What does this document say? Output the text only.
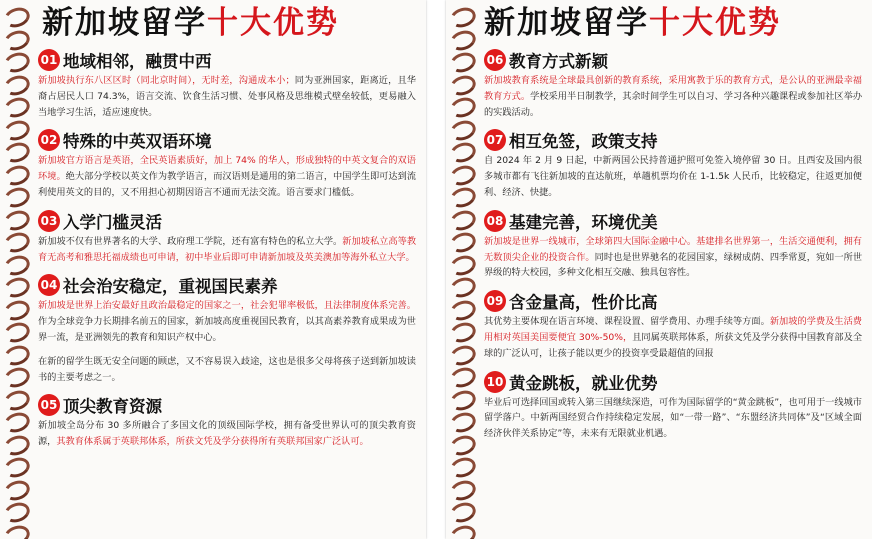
新加坡留学十大优势
01 地域相邻，融贯中西

新加坡执行东八区区时（同北京时间），无时差，沟通成本小；同为亚洲国家，距离近，且华裔占居民人口 74.3%，语言交流、饮食生活习惯、处事风格及思维模式壁垒较低，更易融入当地学习生活，适应速度快。

02 特殊的中英双语环境

新加坡官方语言是英语，全民英语素质好，加上 74% 的华人，形成独特的中英文复合的双语环境。绝大部分学校以英文作为教学语言，而汉语则是通用的第二语言，中国学生即可达到流利使用英文的目的，又不用担心初期因语言不通而无法交流。语言要求门槛低。

03 入学门槛灵活

新加坡不仅有世界著名的大学、政府理工学院，还有富有特色的私立大学。新加坡私立高等教育无高考和雅思托福成绩也可申请，初中毕业后即可申请新加坡及英美澳加等海外私立大学。

04 社会治安稳定，重视国民素养

新加坡是世界上治安最好且政治最稳定的国家之一，社会犯罪率极低，且法律制度体系完善。作为全球竞争力长期排名前五的国家，新加坡高度重视国民教育，以其高素养教育成果成为世界一流，是亚洲领先的教育和知识产权中心。

在新的留学生既无安全问题的顾虑，又不容易误入歧途，这也是很多父母将孩子送到新加坡读书的主要考虑之一。

05 顶尖教育资源

新加坡全岛分布 30 多所融合了多国文化的顶级国际学校，拥有备受世界认可的顶尖教育资源，其教育体系属于英联邦体系，所获文凭及学分获得所有英联邦国家广泛认可。

新加坡留学十大优势
06 教育方式新颖

新加坡教育系统是全球最具创新的教育系统，采用寓教于乐的教育方式，是公认的亚洲最幸福教育方式。学校采用半日制教学，其余时间学生可以自习、学习各种兴趣课程或参加社区举办的实践活动。

07 相互免签，政策支持

自 2024 年 2 月 9 日起，中新两国公民持普通护照可免签入境停留 30 日。且西安及国内很多城市都有飞往新加坡的直达航班，单趟机票均价在 1-1.5k 人民币，比较稳定，往返更加便利、经济、快捷。

08 基建完善，环境优美

新加坡是世界一线城市，全球第四大国际金融中心。基建排名世界第一，生活交通便利，拥有无数顶尖企业的投资合作。同时也是世界驰名的花园国家，绿树成荫、四季常夏，宛如一所世界级的特大校园，多种文化相互交融、独具包容性。

09 含金量高，性价比高

其优势主要体现在语言环境、课程设置、留学费用、办理手续等方面。新加坡的学费及生活费用相对英国美国要便宜 30%-50%，且同属英联邦体系，所获文凭及学分获得中国教育部及全球的广泛认可，让孩子能以更少的投资享受最超值的回报

10 黄金跳板，就业优势

毕业后可选择回国或转入第三国继续深造，可作为国际留学的“黄金跳板”，也可用于一线城市留学落户。中新两国经贸合作持续稳定发展，如“一带一路”、“东盟经济共同体”及“区域全面经济伙伴关系协定”等，未来有无限就业机遇。
